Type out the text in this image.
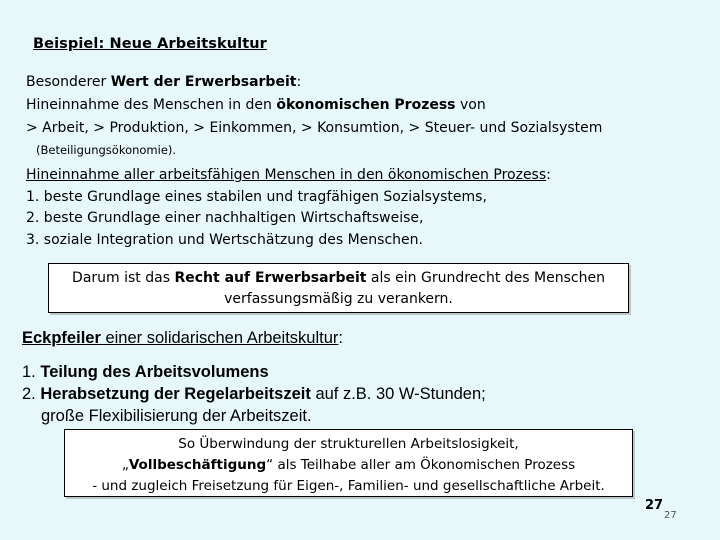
Beispiel: Neue Arbeitskultur
Besonderer Wert der Erwerbsarbeit:
Hineinnahme des Menschen in den ökonomischen Prozess von
> Arbeit, > Produktion, > Einkommen, > Konsumtion, > Steuer- und Sozialsystem
(Beteiligungsökonomie).
Hineinnahme aller arbeitsfähigen Menschen in den ökonomischen Prozess:
1. beste Grundlage eines stabilen und tragfähigen Sozialsystems,
2. beste Grundlage einer nachhaltigen Wirtschaftsweise,
3. soziale Integration und Wertschätzung des Menschen.
Darum ist das Recht auf Erwerbsarbeit als ein Grundrecht des Menschen
verfassungsmäßig zu verankern.
Eckpfeiler einer solidarischen Arbeitskultur:
1. Teilung des Arbeitsvolumens
2. Herabsetzung der Regelarbeitszeit auf z.B. 30 W-Stunden;
große Flexibilisierung der Arbeitszeit.
So Überwindung der strukturellen Arbeitslosigkeit,
„Vollbeschäftigung“ als Teilhabe aller am Ökonomischen Prozess
- und zugleich Freisetzung für Eigen-, Familien- und gesellschaftliche Arbeit.
27
27
